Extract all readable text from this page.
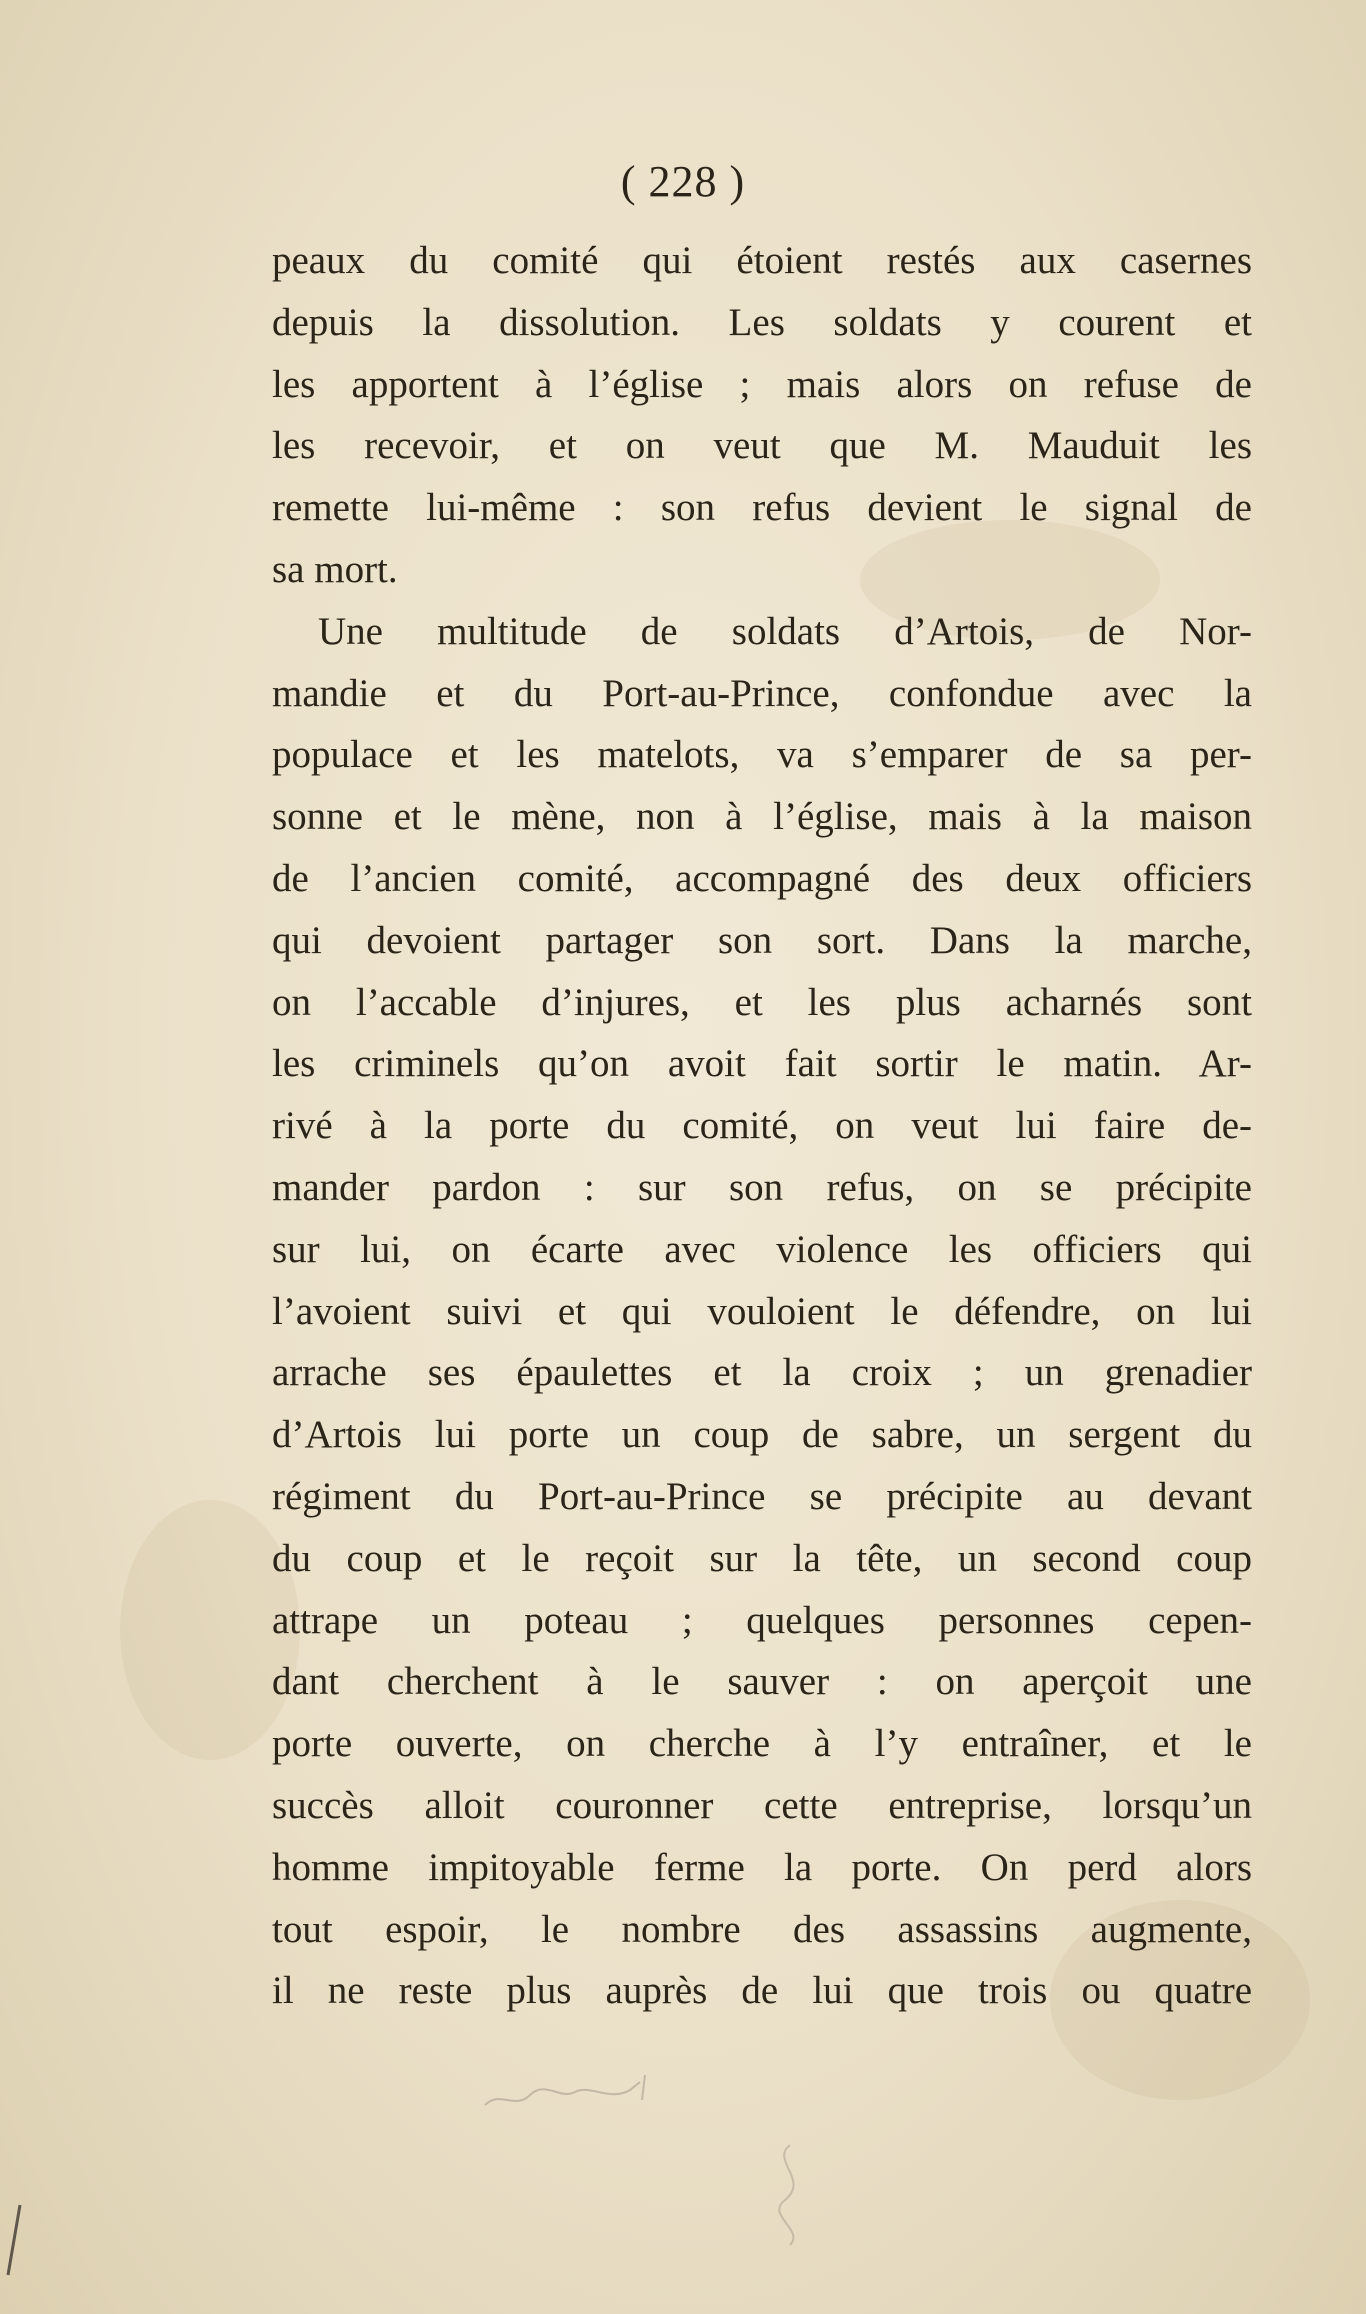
( 228 )
peaux du comité qui étoient restés aux casernes
depuis la dissolution. Les soldats y courent et
les apportent à l’église ; mais alors on refuse de
les recevoir, et on veut que M. Mauduit les
remette lui-même : son refus devient le signal de
sa mort.
Une multitude de soldats d’Artois, de Nor-
mandie et du Port-au-Prince, confondue avec la
populace et les matelots, va s’emparer de sa per-
sonne et le mène, non à l’église, mais à la maison
de l’ancien comité, accompagné des deux officiers
qui devoient partager son sort. Dans la marche,
on l’accable d’injures, et les plus acharnés sont
les criminels qu’on avoit fait sortir le matin. Ar-
rivé à la porte du comité, on veut lui faire de-
mander pardon : sur son refus, on se précipite
sur lui, on écarte avec violence les officiers qui
l’avoient suivi et qui vouloient le défendre, on lui
arrache ses épaulettes et la croix ; un grenadier
d’Artois lui porte un coup de sabre, un sergent du
régiment du Port-au-Prince se précipite au devant
du coup et le reçoit sur la tête, un second coup
attrape un poteau ; quelques personnes cepen-
dant cherchent à le sauver : on aperçoit une
porte ouverte, on cherche à l’y entraîner, et le
succès alloit couronner cette entreprise, lorsqu’un
homme impitoyable ferme la porte. On perd alors
tout espoir, le nombre des assassins augmente,
il ne reste plus auprès de lui que trois ou quatre
